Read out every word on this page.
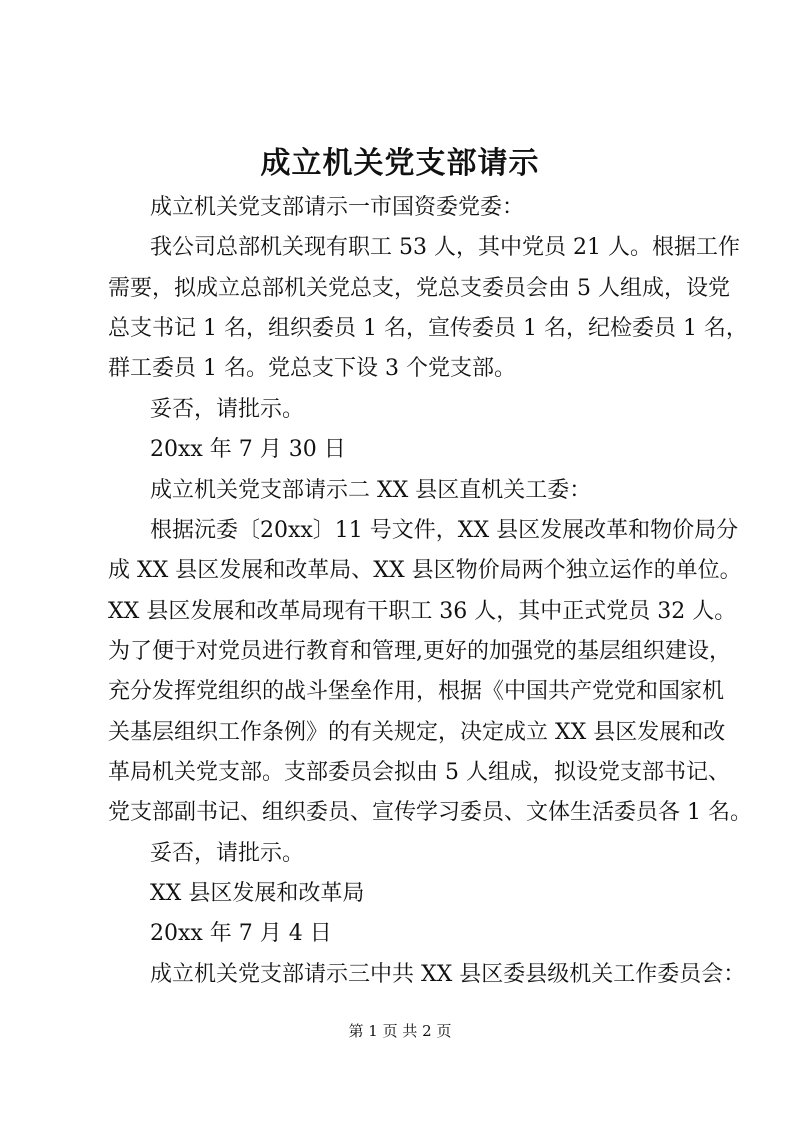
成立机关党支部请示
成立机关党支部请示一市国资委党委：
我公司总部机关现有职工 53 人，其中党员 21 人。根据工作
需要，拟成立总部机关党总支，党总支委员会由 5 人组成，设党
总支书记 1 名，组织委员 1 名，宣传委员 1 名，纪检委员 1 名，
群工委员 1 名。党总支下设 3 个党支部。
妥否，请批示。
20xx 年 7 月 30 日
成立机关党支部请示二 XX 县区直机关工委：
根据沅委〔20xx〕11 号文件，XX 县区发展改革和物价局分
成 XX 县区发展和改革局、XX 县区物价局两个独立运作的单位。
XX 县区发展和改革局现有干职工 36 人，其中正式党员 32 人。
为了便于对党员进行教育和管理,更好的加强党的基层组织建设，
充分发挥党组织的战斗堡垒作用，根据《中国共产党党和国家机
关基层组织工作条例》的有关规定，决定成立 XX 县区发展和改
革局机关党支部。支部委员会拟由 5 人组成，拟设党支部书记、
党支部副书记、组织委员、宣传学习委员、文体生活委员各 1 名。
妥否，请批示。
XX 县区发展和改革局
20xx 年 7 月 4 日
成立机关党支部请示三中共 XX 县区委县级机关工作委员会：
第 1 页 共 2 页
